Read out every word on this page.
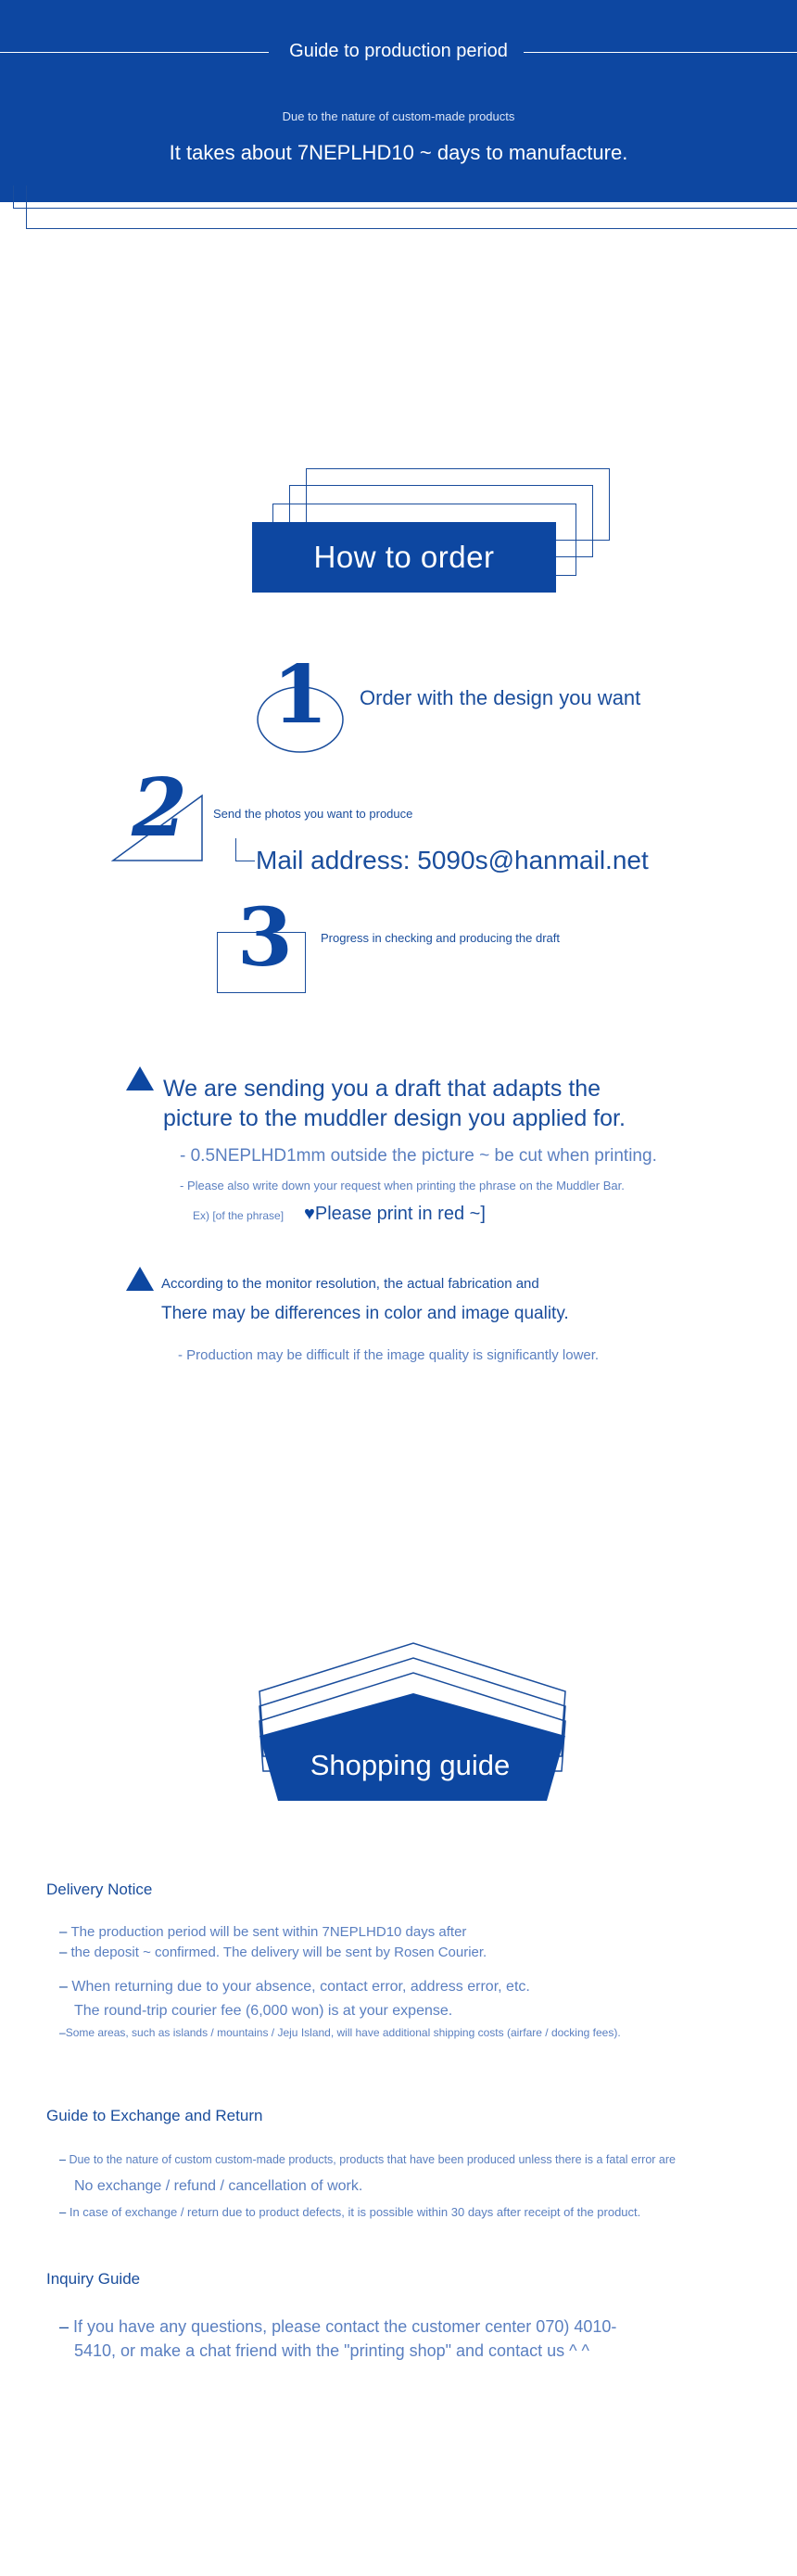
Guide to production period
Due to the nature of custom-made products
It takes about 7NEPLHD10 ~ days to manufacture.
How to order
1 Order with the design you want
2 Send the photos you want to produce
Mail address: 5090s@hanmail.net
3 Progress in checking and producing the draft
We are sending you a draft that adapts the
picture to the muddler design you applied for.
- 0.5NEPLHD1mm outside the picture ~ be cut when printing.
- Please also write down your request when printing the phrase on the Muddler Bar.
Ex) [of the phrase] ♥Please print in red ~]
According to the monitor resolution, the actual fabrication and
There may be differences in color and image quality.
- Production may be difficult if the image quality is significantly lower.
Shopping guide
Delivery Notice
– The production period will be sent within 7NEPLHD10 days after
– the deposit ~ confirmed. The delivery will be sent by Rosen Courier.
– When returning due to your absence, contact error, address error, etc.
The round-trip courier fee (6,000 won) is at your expense.
–Some areas, such as islands / mountains / Jeju Island, will have additional shipping costs (airfare / docking fees).
Guide to Exchange and Return
– Due to the nature of custom custom-made products, products that have been produced unless there is a fatal error are
No exchange / refund / cancellation of work.
– In case of exchange / return due to product defects, it is possible within 30 days after receipt of the product.
Inquiry Guide
– If you have any questions, please contact the customer center 070) 4010-
5410, or make a chat friend with the "printing shop" and contact us ^ ^
